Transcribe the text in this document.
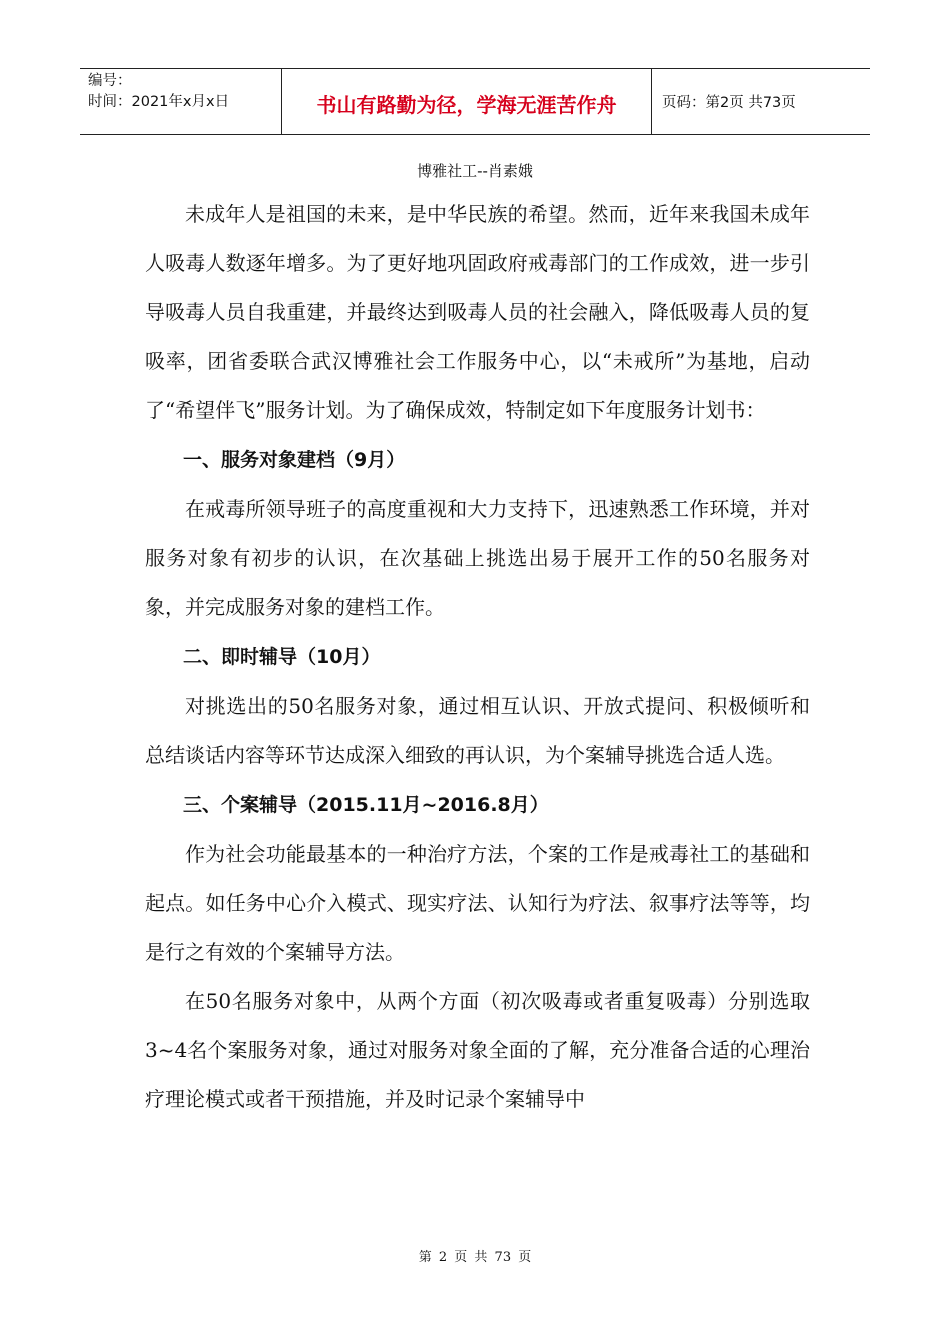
编号：
时间：2021年x月x日	书山有路勤为径，学海无涯苦作舟	页码：第2页 共73页
博雅社工--肖素娥

未成年人是祖国的未来，是中华民族的希望。然而，近年来我国未成年人吸毒人数逐年增多。为了更好地巩固政府戒毒部门的工作成效，进一步引导吸毒人员自我重建，并最终达到吸毒人员的社会融入，降低吸毒人员的复吸率，团省委联合武汉博雅社会工作服务中心，以“未戒所”为基地，启动了“希望伴飞”服务计划。为了确保成效，特制定如下年度服务计划书：

一、服务对象建档（9月）

在戒毒所领导班子的高度重视和大力支持下，迅速熟悉工作环境，并对服务对象有初步的认识，在次基础上挑选出易于展开工作的50名服务对象，并完成服务对象的建档工作。

二、即时辅导（10月）

对挑选出的50名服务对象，通过相互认识、开放式提问、积极倾听和总结谈话内容等环节达成深入细致的再认识，为个案辅导挑选合适人选。

三、个案辅导（2015.11月~2016.8月）

作为社会功能最基本的一种治疗方法，个案的工作是戒毒社工的基础和起点。如任务中心介入模式、现实疗法、认知行为疗法、叙事疗法等等，均是行之有效的个案辅导方法。

在50名服务对象中，从两个方面（初次吸毒或者重复吸毒）分别选取3~4名个案服务对象，通过对服务对象全面的了解，充分准备合适的心理治疗理论模式或者干预措施，并及时记录个案辅导中

第 2 页 共 73 页
